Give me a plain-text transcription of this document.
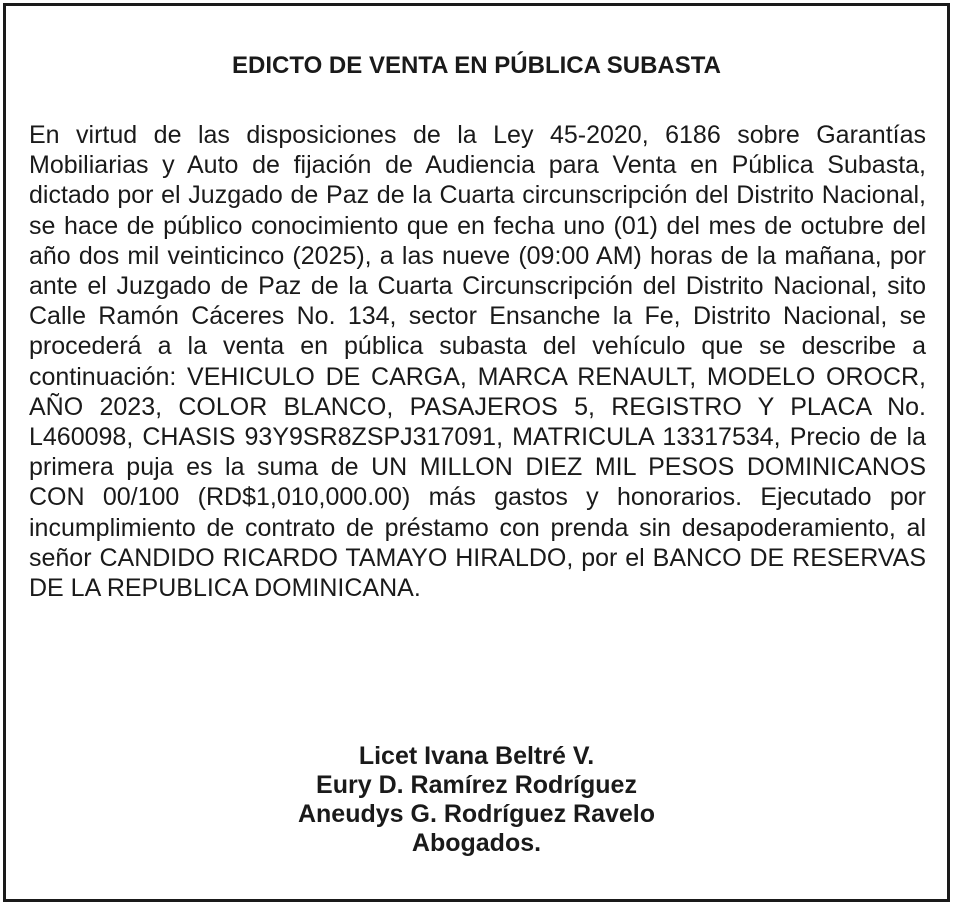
EDICTO DE VENTA EN PÚBLICA SUBASTA

En virtud de las disposiciones de la Ley 45-2020, 6186 sobre Garantías Mobiliarias y Auto de fijación de Audiencia para Venta en Pública Subasta, dictado por el Juzgado de Paz de la Cuarta circunscripción del Distrito Nacional, se hace de público conocimiento que en fecha uno (01) del mes de octubre del año dos mil veinticinco (2025), a las nueve (09:00 AM) horas de la mañana, por ante el Juzgado de Paz de la Cuarta Circunscripción del Distrito Nacional, sito Calle Ramón Cáceres No. 134, sector Ensanche la Fe, Distrito Nacional, se procederá a la venta en pública subasta del vehículo que se describe a continuación: VEHICULO DE CARGA, MARCA RENAULT, MODELO OROCR, AÑO 2023, COLOR BLANCO, PASAJEROS 5, REGISTRO Y PLACA No. L460098, CHASIS 93Y9SR8ZSPJ317091, MATRICULA 13317534, Precio de la primera puja es la suma de UN MILLON DIEZ MIL PESOS DOMINICANOS CON 00/100 (RD$1,010,000.00) más gastos y honorarios. Ejecutado por incumplimiento de contrato de préstamo con prenda sin desapoderamiento, al señor CANDIDO RICARDO TAMAYO HIRALDO, por el BANCO DE RESERVAS DE LA REPUBLICA DOMINICANA.

Licet Ivana Beltré V.
Eury D. Ramírez Rodríguez
Aneudys G. Rodríguez Ravelo
Abogados.
